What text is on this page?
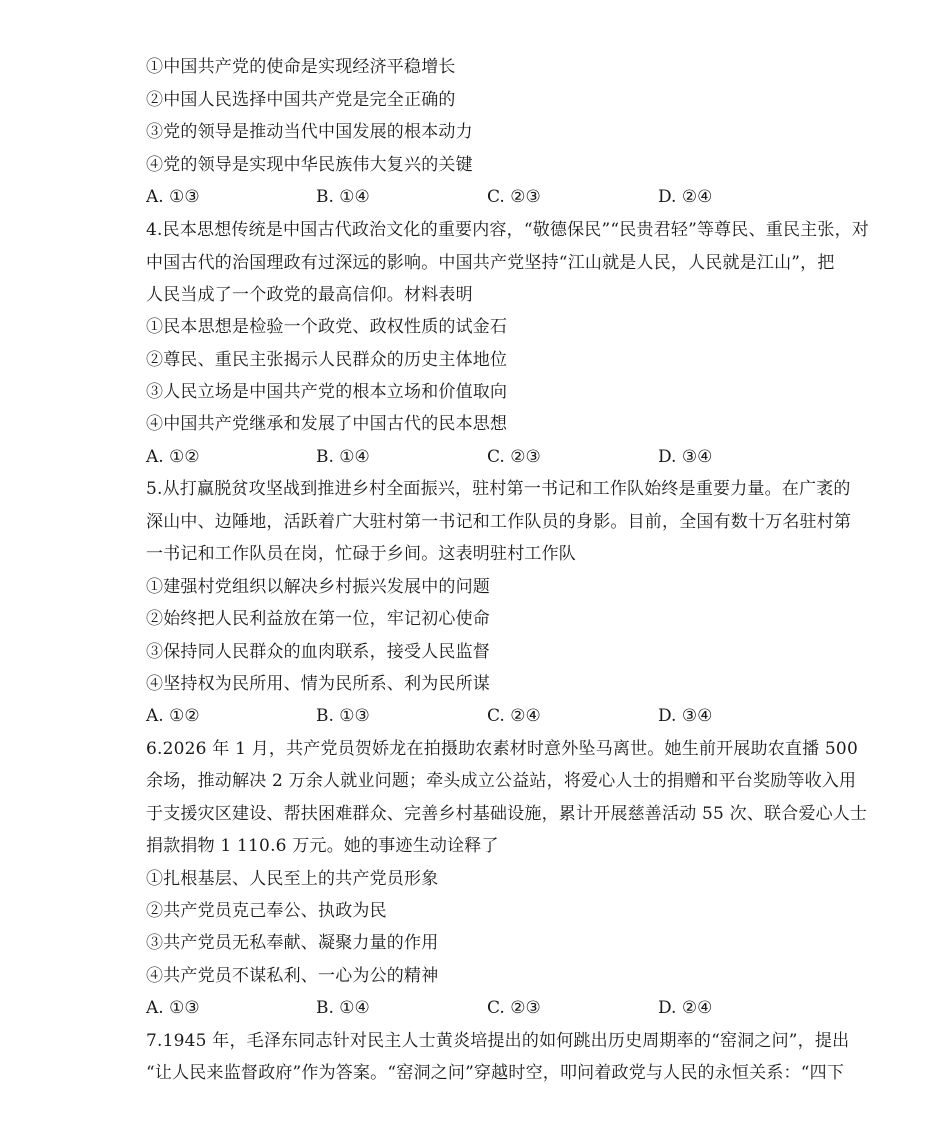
①中国共产党的使命是实现经济平稳增长
②中国人民选择中国共产党是完全正确的
③党的领导是推动当代中国发展的根本动力
④党的领导是实现中华民族伟大复兴的关键
A. ①③	B. ①④	C. ②③	D. ②④
4.民本思想传统是中国古代政治文化的重要内容，“敬德保民”“民贵君轻”等尊民、重民主张，对
中国古代的治国理政有过深远的影响。中国共产党坚持“江山就是人民，人民就是江山”，把
人民当成了一个政党的最高信仰。材料表明
①民本思想是检验一个政党、政权性质的试金石
②尊民、重民主张揭示人民群众的历史主体地位
③人民立场是中国共产党的根本立场和价值取向
④中国共产党继承和发展了中国古代的民本思想
A. ①②	B. ①④	C. ②③	D. ③④
5.从打赢脱贫攻坚战到推进乡村全面振兴，驻村第一书记和工作队始终是重要力量。在广袤的
深山中、边陲地，活跃着广大驻村第一书记和工作队员的身影。目前，全国有数十万名驻村第
一书记和工作队员在岗，忙碌于乡间。这表明驻村工作队
①建强村党组织以解决乡村振兴发展中的问题
②始终把人民利益放在第一位，牢记初心使命
③保持同人民群众的血肉联系，接受人民监督
④坚持权为民所用、情为民所系、利为民所谋
A. ①②	B. ①③	C. ②④	D. ③④
6.2026 年 1 月，共产党员贺娇龙在拍摄助农素材时意外坠马离世。她生前开展助农直播 500
余场，推动解决 2 万余人就业问题；牵头成立公益站，将爱心人士的捐赠和平台奖励等收入用
于支援灾区建设、帮扶困难群众、完善乡村基础设施，累计开展慈善活动 55 次、联合爱心人士
捐款捐物 1 110.6 万元。她的事迹生动诠释了
①扎根基层、人民至上的共产党员形象
②共产党员克己奉公、执政为民
③共产党员无私奉献、凝聚力量的作用
④共产党员不谋私利、一心为公的精神
A. ①③	B. ①④	C. ②③	D. ②④
7.1945 年，毛泽东同志针对民主人士黄炎培提出的如何跳出历史周期率的“窑洞之问”，提出
“让人民来监督政府”作为答案。“窑洞之问”穿越时空，叩问着政党与人民的永恒关系：“四下
